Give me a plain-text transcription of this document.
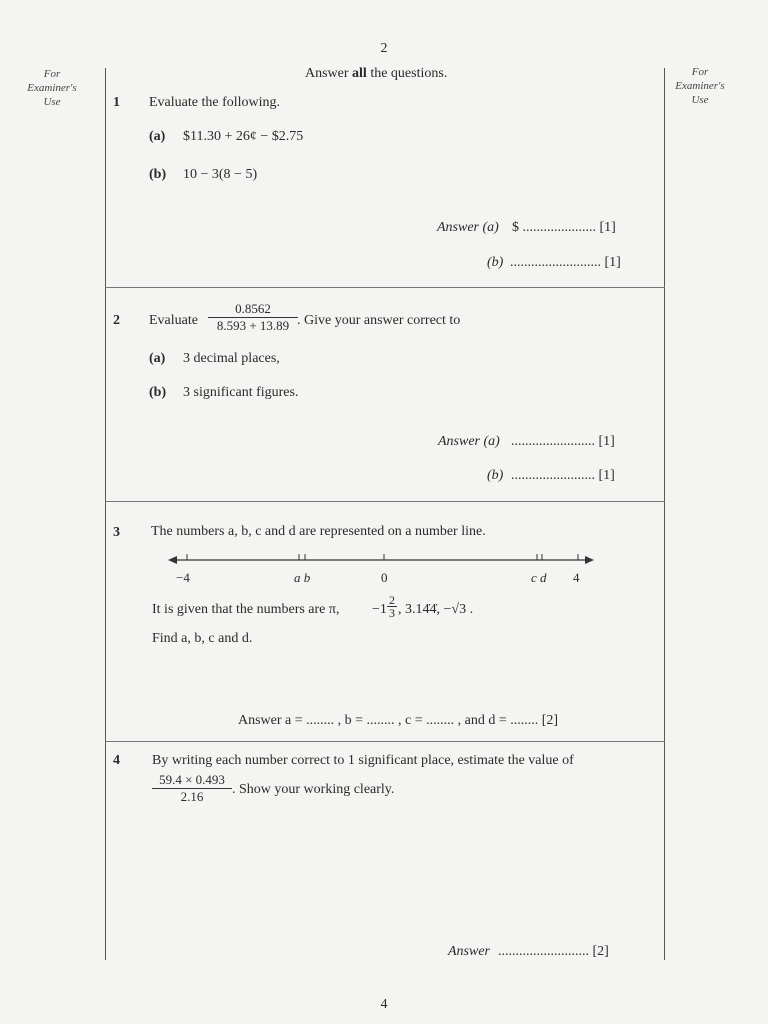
2
For
Examiner's
Use
For
Examiner's
Use
Answer all the questions.
1 Evaluate the following.
(a) $11.30 + 26¢ − $2.75
(b) 10 − 3(8 − 5)
Answer (a) $ ..................... [1]
(b) .......................... [1]
2 Evaluate $\frac{0.8562}{8.593 + 13.89}$ . Give your answer correct to
(a) 3 decimal places,
(b) 3 significant figures.
Answer (a) ........................ [1]
(b) ........................ [1]
3 The numbers a, b, c and d are represented on a number line.
−4	a b	0	c d 4
It is given that the numbers are π, $-1 \frac{2}{3}$ , 3.14̇4̇, −√3 .
Find a, b, c and d.
Answer a = ........ , b = ........ , c = ........ , and d = ........ [2]
4 By writing each number correct to 1 significant place, estimate the value of
$\frac{59.4 \times 0.493}{2.16}$ . Show your working clearly.
Answer .......................... [2]
4
